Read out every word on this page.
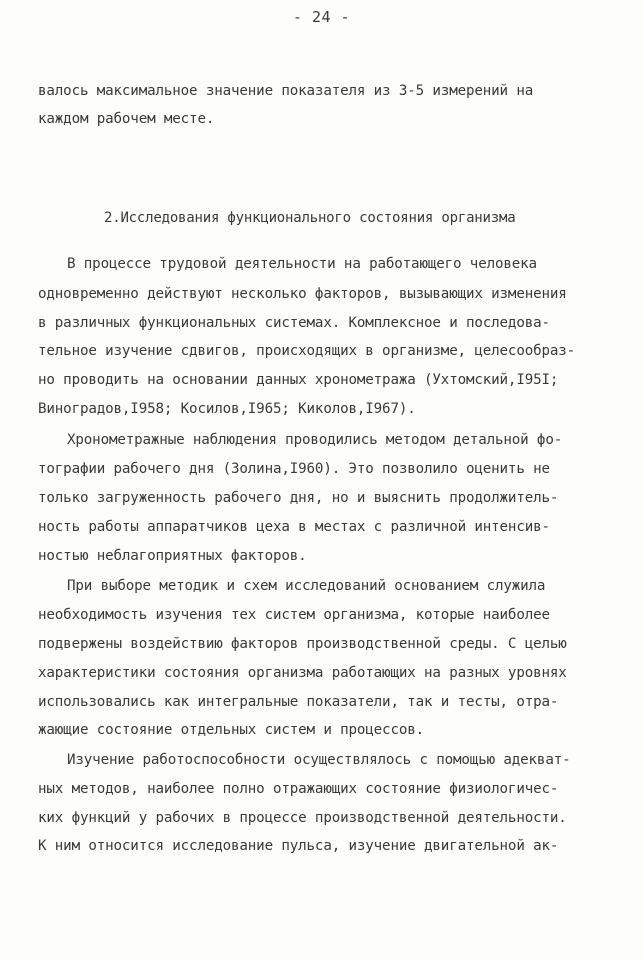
- 24 -
валось максимальное значение показателя из 3-5 измерений на
каждом рабочем месте.
2.Исследования функционального состояния организма
В процессе трудовой деятельности на работающего человека
одновременно действуют несколько факторов, вызывающих изменения
в различных функциональных системах. Комплексное и последова-
тельное изучение сдвигов, происходящих в организме, целесообраз-
но проводить на основании данных хронометража (Ухтомский,I95I;
Виноградов,I958; Косилов,I965; Киколов,I967).
Хронометражные наблюдения проводились методом детальной фо-
тографии рабочего дня (Золина,I960). Это позволило оценить не
только загруженность рабочего дня, но и выяснить продолжитель-
ность работы аппаратчиков цеха в местах с различной интенсив-
ностью неблагоприятных факторов.
При выборе методик и схем исследований основанием служила
необходимость изучения тех систем организма, которые наиболее
подвержены воздействию факторов производственной среды. С целью
характеристики состояния организма работающих на разных уровнях
использовались как интегральные показатели, так и тесты, отра-
жающие состояние отдельных систем и процессов.
Изучение работоспособности осуществлялось с помощью адекват-
ных методов, наиболее полно отражающих состояние физиологичес-
ких функций у рабочих в процессе производственной деятельности.
К ним относится исследование пульса, изучение двигательной ак-
